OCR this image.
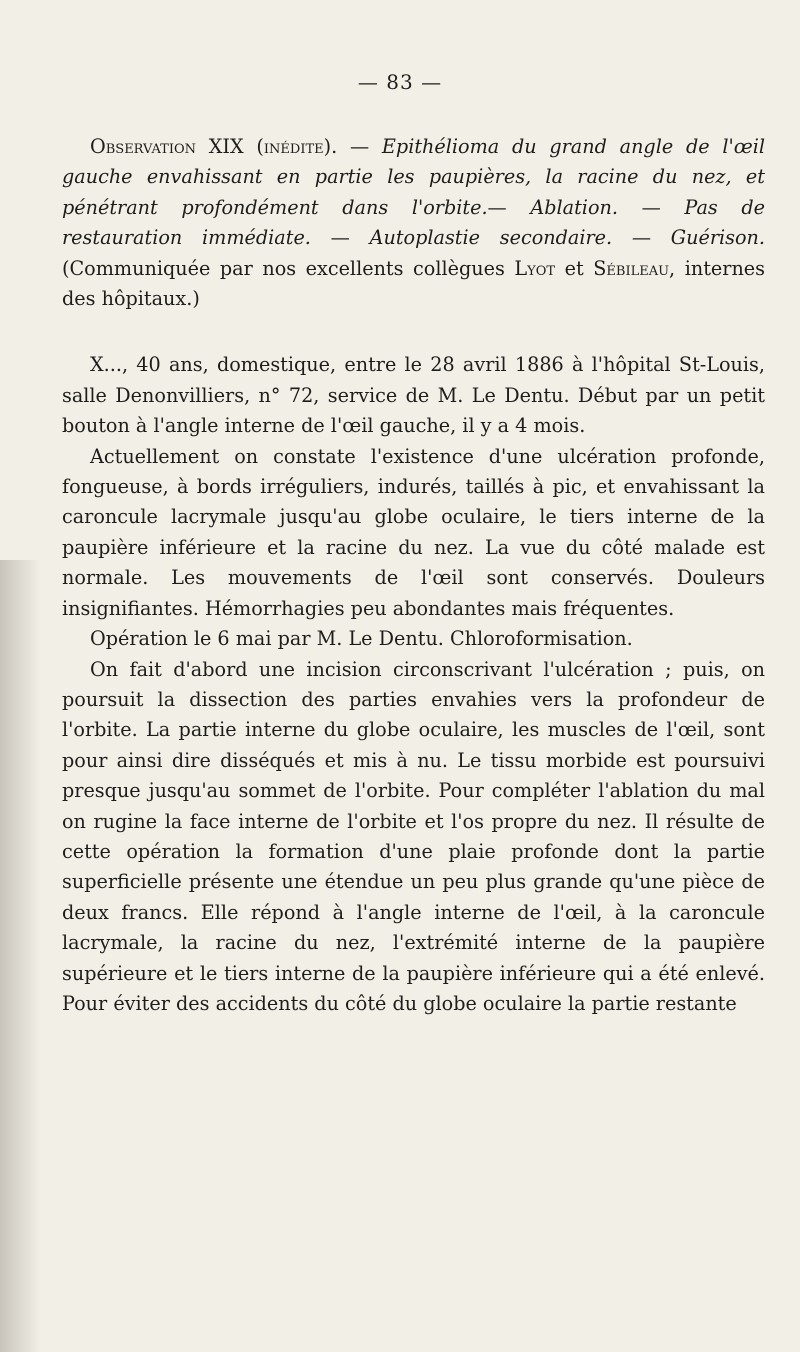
— 83 —

Observation XIX (inédite). — Epithélioma du grand angle de l'œil gauche envahissant en partie les paupières, la racine du nez, et pénétrant profondément dans l'orbite.— Ablation. — Pas de restauration immédiate. — Autoplastie secondaire. — Guérison. (Communiquée par nos excellents collègues Lyot et Sébileau, internes des hôpitaux.)

X..., 40 ans, domestique, entre le 28 avril 1886 à l'hôpital St-Louis, salle Denonvilliers, n° 72, service de M. Le Dentu. Début par un petit bouton à l'angle interne de l'œil gauche, il y a 4 mois.

Actuellement on constate l'existence d'une ulcération profonde, fongueuse, à bords irréguliers, indurés, taillés à pic, et envahissant la caroncule lacrymale jusqu'au globe oculaire, le tiers interne de la paupière inférieure et la racine du nez. La vue du côté malade est normale. Les mouvements de l'œil sont conservés. Douleurs insignifiantes. Hémorrhagies peu abondantes mais fréquentes.

Opération le 6 mai par M. Le Dentu. Chloroformisation.

On fait d'abord une incision circonscrivant l'ulcération ; puis, on poursuit la dissection des parties envahies vers la profondeur de l'orbite. La partie interne du globe oculaire, les muscles de l'œil, sont pour ainsi dire disséqués et mis à nu. Le tissu morbide est poursuivi presque jusqu'au sommet de l'orbite. Pour compléter l'ablation du mal on rugine la face interne de l'orbite et l'os propre du nez. Il résulte de cette opération la formation d'une plaie profonde dont la partie superficielle présente une étendue un peu plus grande qu'une pièce de deux francs. Elle répond à l'angle interne de l'œil, à la caroncule lacrymale, la racine du nez, l'extrémité interne de la paupière supérieure et le tiers interne de la paupière inférieure qui a été enlevé. Pour éviter des accidents du côté du globe oculaire la partie restante
